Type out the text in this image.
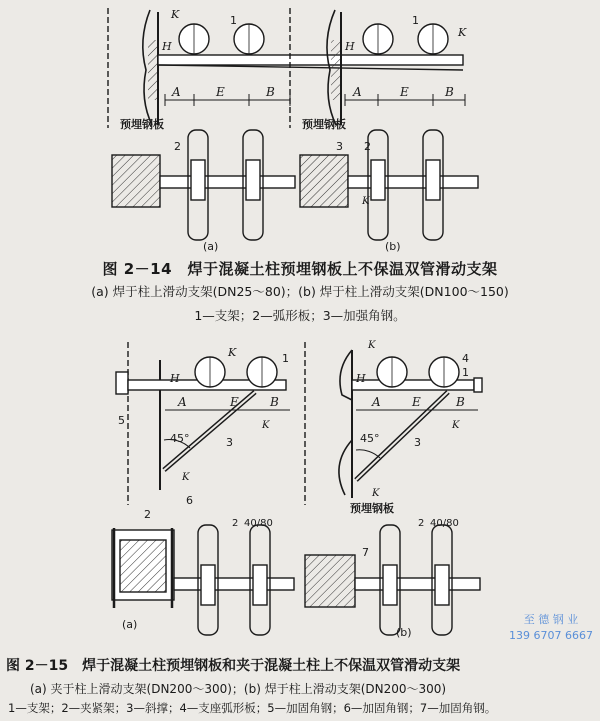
K
H
1
A	E	B
预埋钢板
K
H
1
A	E	B
预埋钢板
2	3 2
K
(a)	(b)
图 2－14　焊于混凝土柱预埋钢板上不保温双管滑动支架
(a) 焊于柱上滑动支架(DN25～80)；(b) 焊于柱上滑动支架(DN100～150)
1—支架；2—弧形板；3—加强角钢。
K
H
1
A	E	B
K
5
45°	3
K
6
K
H
4
1
A	E	B
K
45°	3
K
预埋钢板
2
2 40/80	2 40/80
7
(a)
(b)
至 德 钢 业
139 6707 6667
图 2－15　焊于混凝土柱预埋钢板和夹于混凝土柱上不保温双管滑动支架
(a) 夹于柱上滑动支架(DN200～300)；(b) 焊于柱上滑动支架(DN200～300)
1—支架；2—夹紧架；3—斜撑；4—支座弧形板；5—加固角钢；6—加固角钢；7—加固角钢。
